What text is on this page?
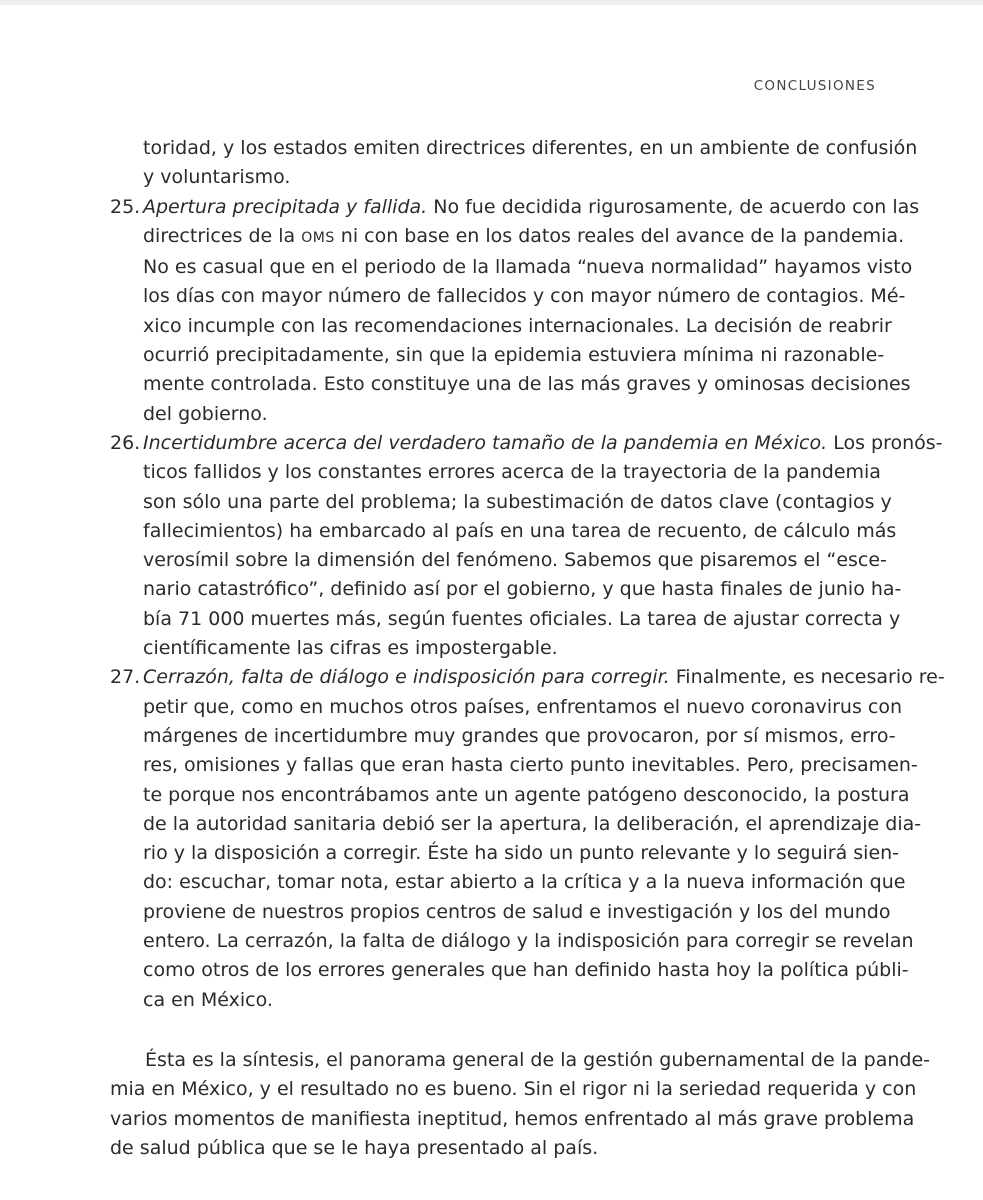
CONCLUSIONES
toridad, y los estados emiten directrices diferentes, en un ambiente de confusión
y voluntarismo.
25. Apertura precipitada y fallida. No fue decidida rigurosamente, de acuerdo con las
directrices de la OMS ni con base en los datos reales del avance de la pandemia.
No es casual que en el periodo de la llamada “nueva normalidad” hayamos visto
los días con mayor número de fallecidos y con mayor número de contagios. Mé-
xico incumple con las recomendaciones internacionales. La decisión de reabrir
ocurrió precipitadamente, sin que la epidemia estuviera mínima ni razonable-
mente controlada. Esto constituye una de las más graves y ominosas decisiones
del gobierno.
26. Incertidumbre acerca del verdadero tamaño de la pandemia en México. Los pronós-
ticos fallidos y los constantes errores acerca de la trayectoria de la pandemia
son sólo una parte del problema; la subestimación de datos clave (contagios y
fallecimientos) ha embarcado al país en una tarea de recuento, de cálculo más
verosímil sobre la dimensión del fenómeno. Sabemos que pisaremos el “esce-
nario catastrófico”, definido así por el gobierno, y que hasta finales de junio ha-
bía 71 000 muertes más, según fuentes oficiales. La tarea de ajustar correcta y
científicamente las cifras es impostergable.
27. Cerrazón, falta de diálogo e indisposición para corregir. Finalmente, es necesario re-
petir que, como en muchos otros países, enfrentamos el nuevo coronavirus con
márgenes de incertidumbre muy grandes que provocaron, por sí mismos, erro-
res, omisiones y fallas que eran hasta cierto punto inevitables. Pero, precisamen-
te porque nos encontrábamos ante un agente patógeno desconocido, la postura
de la autoridad sanitaria debió ser la apertura, la deliberación, el aprendizaje dia-
rio y la disposición a corregir. Éste ha sido un punto relevante y lo seguirá sien-
do: escuchar, tomar nota, estar abierto a la crítica y a la nueva información que
proviene de nuestros propios centros de salud e investigación y los del mundo
entero. La cerrazón, la falta de diálogo y la indisposición para corregir se revelan
como otros de los errores generales que han definido hasta hoy la política públi-
ca en México.
Ésta es la síntesis, el panorama general de la gestión gubernamental de la pande-
mia en México, y el resultado no es bueno. Sin el rigor ni la seriedad requerida y con
varios momentos de manifiesta ineptitud, hemos enfrentado al más grave problema
de salud pública que se le haya presentado al país.
